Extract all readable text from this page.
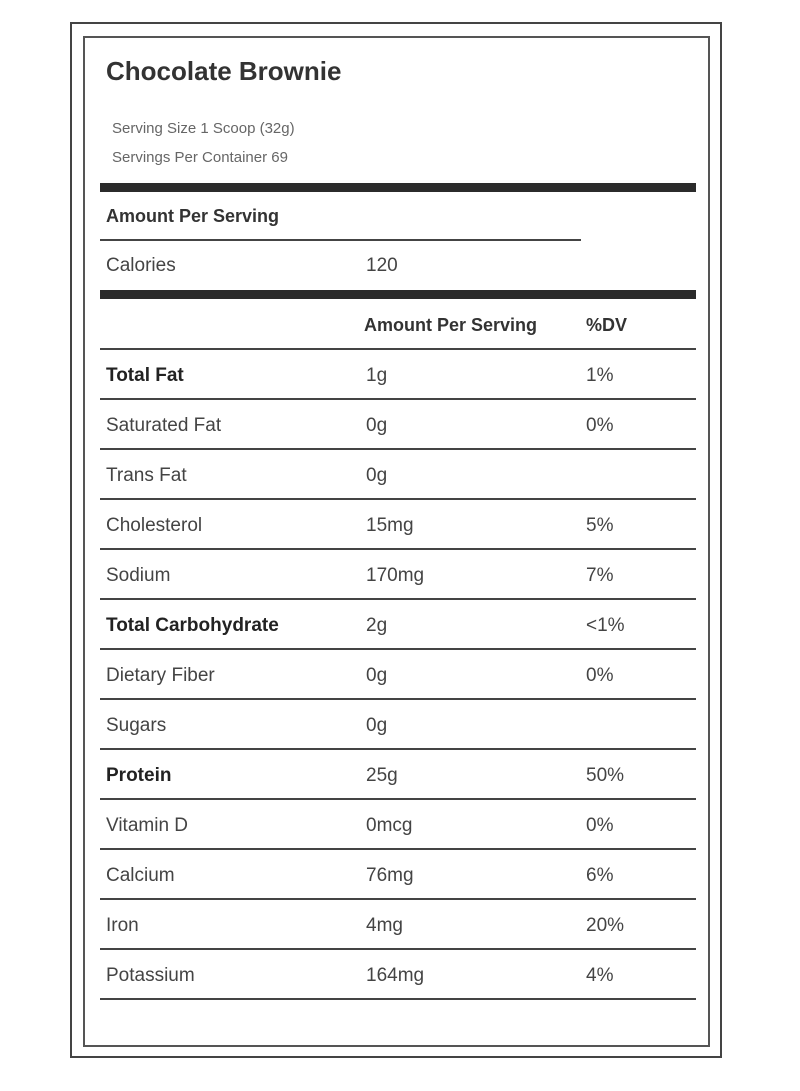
Chocolate Brownie
Serving Size 1 Scoop (32g)
Servings Per Container 69
Amount Per Serving
Calories	120
Amount Per Serving	%DV
Total Fat	1g	1%
Saturated Fat	0g	0%
Trans Fat	0g
Cholesterol	15mg	5%
Sodium	170mg	7%
Total Carbohydrate	2g	<1%
Dietary Fiber	0g	0%
Sugars	0g
Protein	25g	50%
Vitamin D	0mcg	0%
Calcium	76mg	6%
Iron	4mg	20%
Potassium	164mg	4%
